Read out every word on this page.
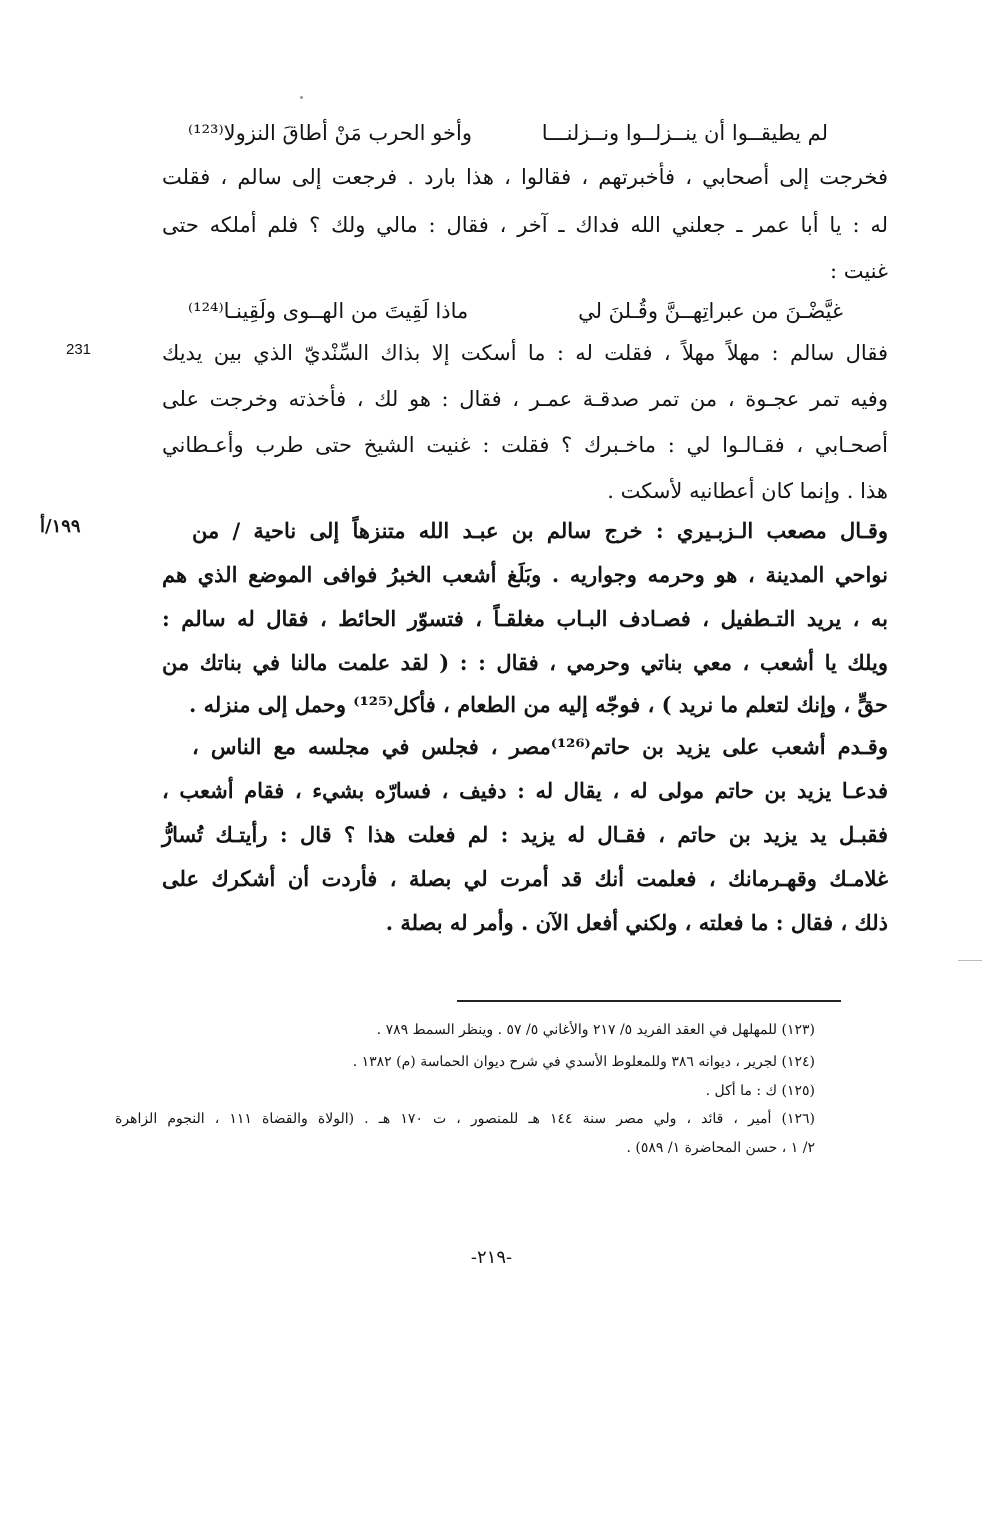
لم يطيقــوا أن ينــزلــوا ونــزلنـــا
وأخو الحرب مَنْ أطاقَ النزولا⁽¹²³⁾
فخرجت إلى أصحابي ، فأخبرتهم ، فقالوا ، هذا بارد . فرجعت إلى سالم ، فقلت
له : يا أبا عمر ـ جعلني الله فداك ـ آخر ، فقال : مالي ولك ؟ فلم أملكه حتى
غنيت :
ماذا لَقِيتَ من الهــوى ولَقِينـا⁽¹²⁴⁾	غيَّضْـنَ من عبراتِهــنَّ وقُـلنَ لي
231	فقال سالم : مهلاً مهلاً ، فقلت له : ما أسكت إلا بذاك السِّنْديّ الذي بين يديك
وفيه تمر عجـوة ، من تمر صدقـة عمـر ، فقال : هو لك ، فأخذته وخرجت على
أصحـابي ، فقـالـوا لي : ماخـبرك ؟ فقلت : غنيت الشيخ حتى طرب وأعـطاني
هذا . وإنما كان أعطانيه لأسكت .
١٩٩/أ	وقـال مصعب الـزبـيري : خرج سالم بن عبـد الله متنزهاً إلى ناحية / من
نواحي المدينة ، هو وحرمه وجواريه . وبَلَغ أشعب الخبرُ فوافى الموضع الذي هم
به ، يريد التـطفيل ، فصـادف البـاب مغلقـاً ، فتسوّر الحائط ، فقال له سالم :
ويلك يا أشعب ، معي بناتي وحرمي ، فقال : : ( لقد علمت مالنا في بناتك من
حقٍّ ، وإنك لتعلم ما نريد ) ، فوجّه إليه من الطعام ، فأكل⁽¹²⁵⁾ وحمل إلى منزله .
وقـدم أشعب على يزيد بن حاتم⁽¹²⁶⁾مصر ، فجلس في مجلسه مع الناس ،
فدعـا يزيد بن حاتم مولى له ، يقال له : دفيف ، فسارّه بشيء ، فقام أشعب ،
فقبـل يد يزيد بن حاتم ، فقـال له يزيد : لم فعلت هذا ؟ قال : رأيتـك تُسارُّ
غلامـك وقهـرمانك ، فعلمت أنك قد أمرت لي بصلة ، فأردت أن أشكرك على
ذلك ، فقال : ما فعلته ، ولكني أفعل الآن . وأمر له بصلة .
(١٢٣) للمهلهل في العقد الفريد ٥/ ٢١٧ والأغاني ٥/ ٥٧ . وينظر السمط ٧٨٩ .
(١٢٤) لجرير ، ديوانه ٣٨٦ وللمعلوط الأسدي في شرح ديوان الحماسة (م) ١٣٨٢ .
(١٢٥) ك : ما أكل .
(١٢٦) أمير ، قائد ، ولي مصر سنة ١٤٤ هـ للمنصور ، ت ١٧٠ هـ . (الولاة والقضاة ١١١ ، النجوم الزاهرة
٢/ ١ ، حسن المحاضرة ١/ ٥٨٩) .
-٢١٩-
